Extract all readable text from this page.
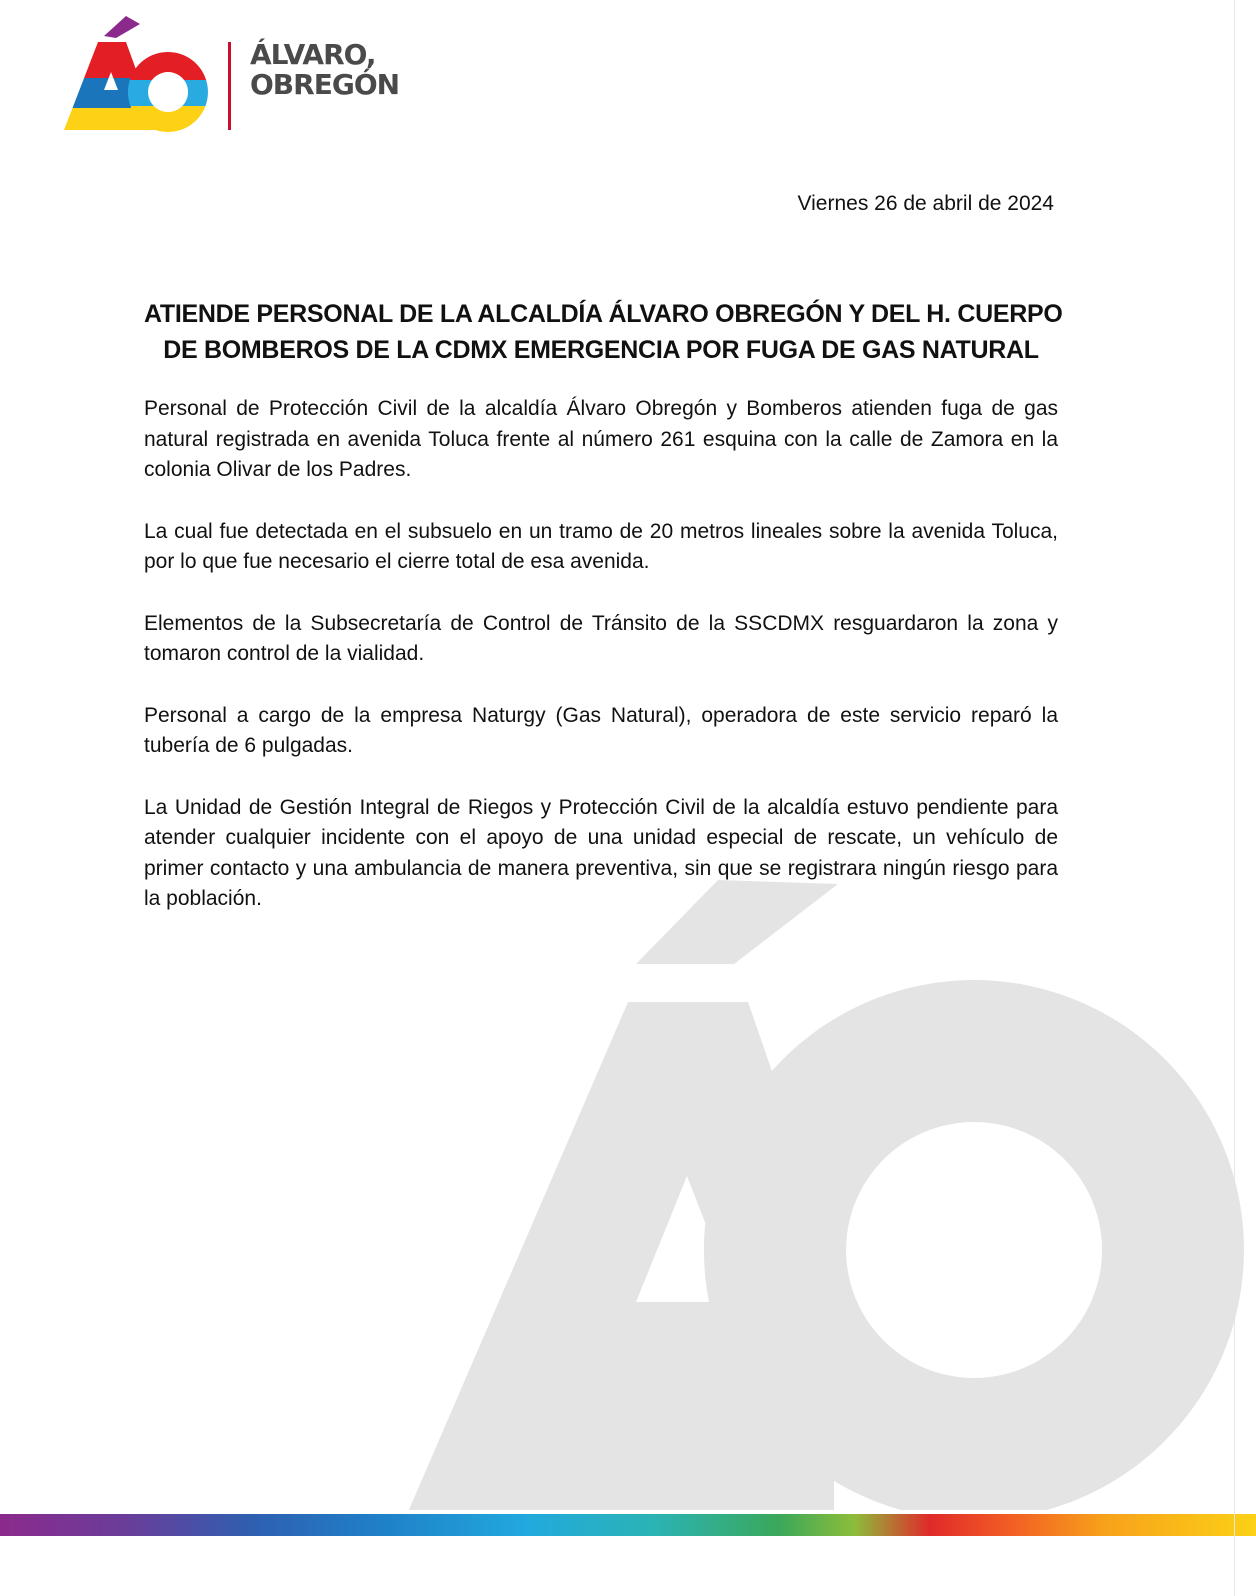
ÁLVARO,
OBREGÓN
Viernes 26 de abril de 2024
ATIENDE PERSONAL DE LA ALCALDÍA ÁLVARO OBREGÓN Y DEL H. CUERPO
DE BOMBEROS DE LA CDMX EMERGENCIA POR FUGA DE GAS NATURAL

Personal de Protección Civil de la alcaldía Álvaro Obregón y Bomberos atienden fuga de gas natural registrada en avenida Toluca frente al número 261 esquina con la calle de Zamora en la colonia Olivar de los Padres.

La cual fue detectada en el subsuelo en un tramo de 20 metros lineales sobre la avenida Toluca, por lo que fue necesario el cierre total de esa avenida.

Elementos de la Subsecretaría de Control de Tránsito de la SSCDMX resguardaron la zona y tomaron control de la vialidad.

Personal a cargo de la empresa Naturgy (Gas Natural), operadora de este servicio reparó la tubería de 6 pulgadas.

La Unidad de Gestión Integral de Riegos y Protección Civil de la alcaldía estuvo pendiente para atender cualquier incidente con el apoyo de una unidad especial de rescate, un vehículo de primer contacto y una ambulancia de manera preventiva, sin que se registrara ningún riesgo para la población.
